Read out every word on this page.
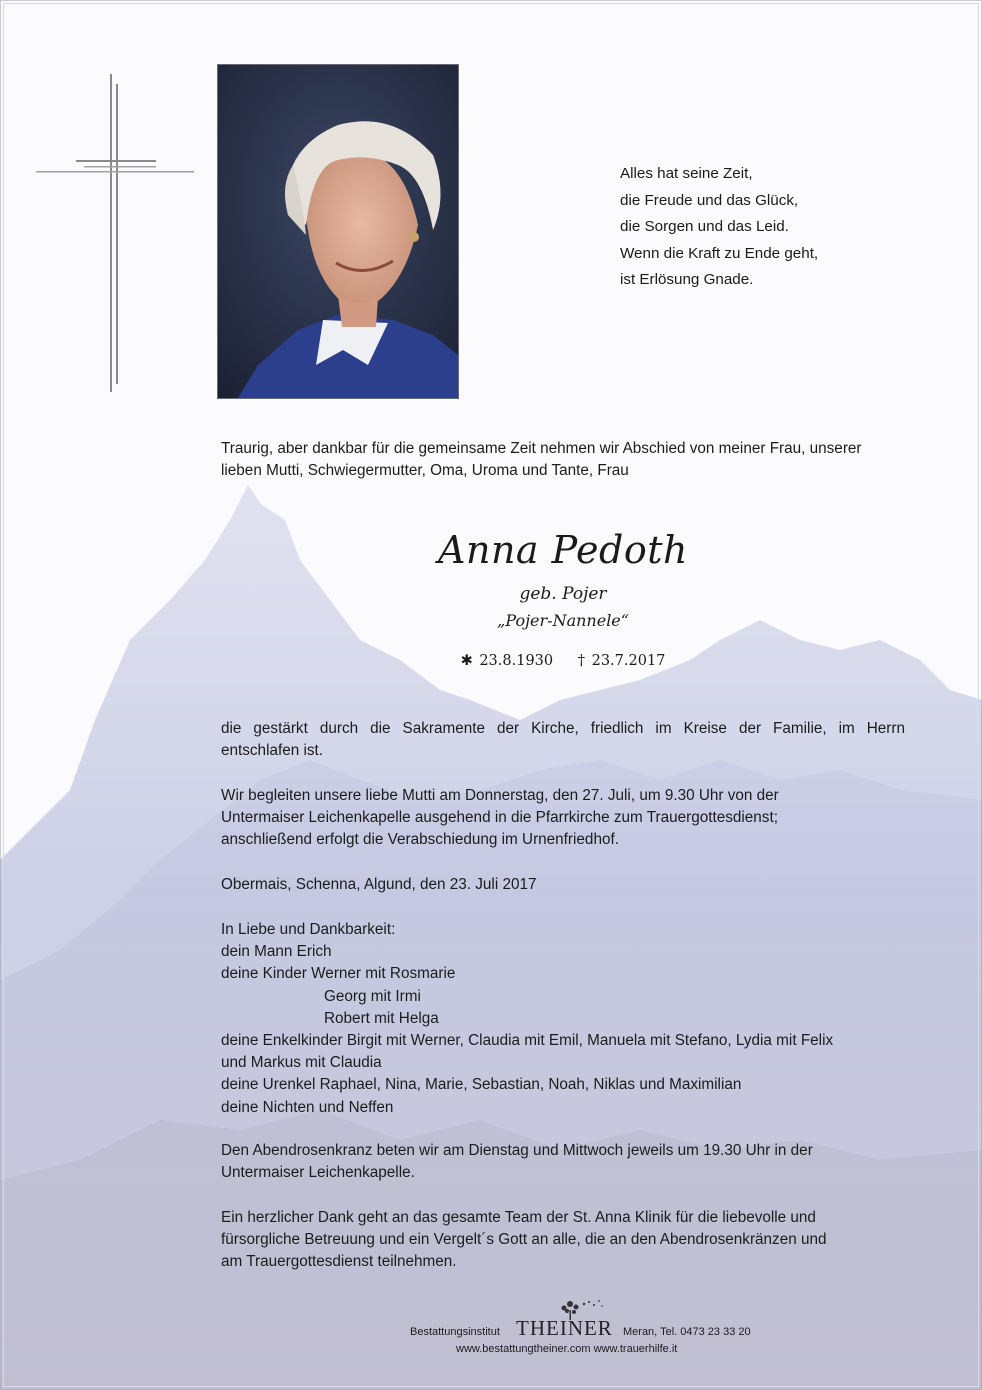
Alles hat seine Zeit,
die Freude und das Glück,
die Sorgen und das Leid.
Wenn die Kraft zu Ende geht,
ist Erlösung Gnade.
Traurig, aber dankbar für die gemeinsame Zeit nehmen wir Abschied von meiner Frau, unserer
lieben Mutti, Schwiegermutter, Oma, Uroma und Tante, Frau
Anna Pedoth
geb. Pojer
„Pojer-Nannele“
✱ 23.8.1930 † 23.7.2017
die gestärkt durch die Sakramente der Kirche, friedlich im Kreise der Familie, im Herrn
entschlafen ist.
Wir begleiten unsere liebe Mutti am Donnerstag, den 27. Juli, um 9.30 Uhr von der
Untermaiser Leichenkapelle ausgehend in die Pfarrkirche zum Trauergottesdienst;
anschließend erfolgt die Verabschiedung im Urnenfriedhof.
Obermais, Schenna, Algund, den 23. Juli 2017
In Liebe und Dankbarkeit:
dein Mann Erich
deine Kinder Werner mit Rosmarie
Georg mit Irmi
Robert mit Helga
deine Enkelkinder Birgit mit Werner, Claudia mit Emil, Manuela mit Stefano, Lydia mit Felix
und Markus mit Claudia
deine Urenkel Raphael, Nina, Marie, Sebastian, Noah, Niklas und Maximilian
deine Nichten und Neffen
Den Abendrosenkranz beten wir am Dienstag und Mittwoch jeweils um 19.30 Uhr in der
Untermaiser Leichenkapelle.
Ein herzlicher Dank geht an das gesamte Team der St. Anna Klinik für die liebevolle und
fürsorgliche Betreuung und ein Vergelt´s Gott an alle, die an den Abendrosenkränzen und
am Trauergottesdienst teilnehmen.
Bestattungsinstitut THEINER Meran, Tel. 0473 23 33 20
www.bestattungtheiner.com www.trauerhilfe.it
